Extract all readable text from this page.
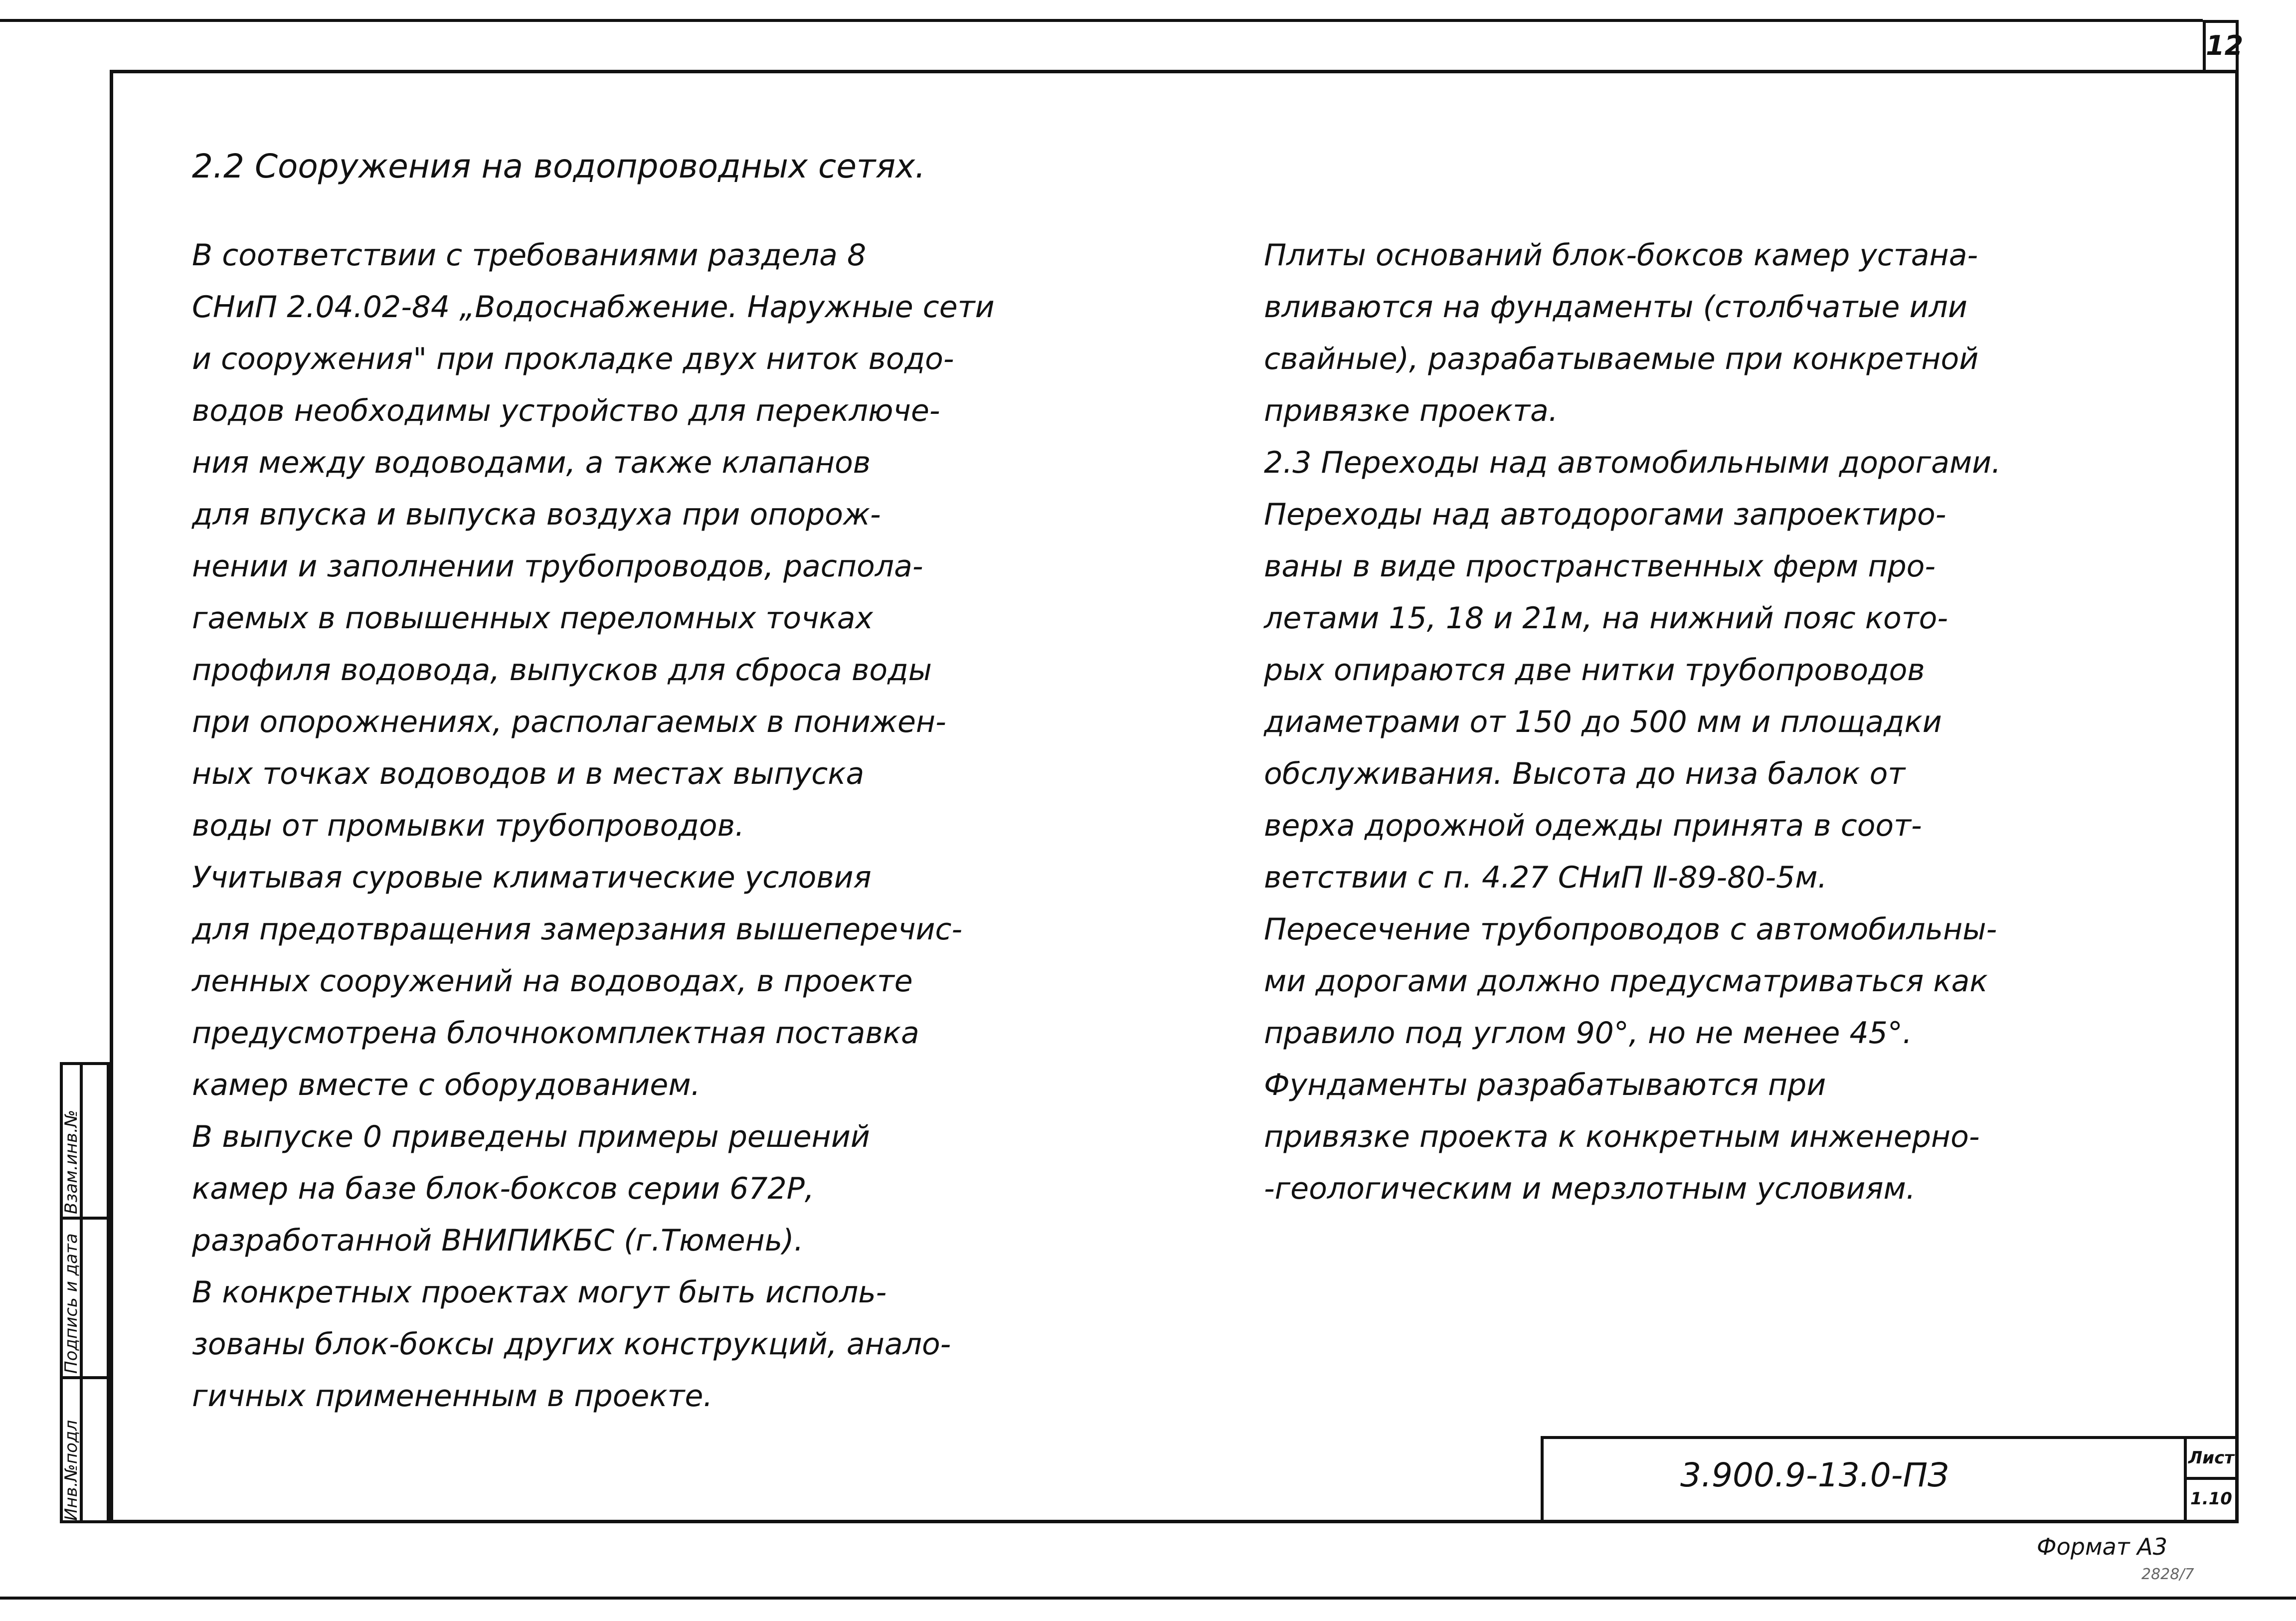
12
2.2 Сооружения на водопроводных сетях.

В соответствии с требованиями раздела 8

СНиП 2.04.02-84 „Водоснабжение. Наружные сети

и сооружения" при прокладке двух ниток водо-

водов необходимы устройство для переключе-

ния между водоводами, а также клапанов

для впуска и выпуска воздуха при опорож-

нении и заполнении трубопроводов, распола-

гаемых в повышенных переломных точках

профиля водовода, выпусков для сброса воды

при опорожнениях, располагаемых в понижен-

ных точках водоводов и в местах выпуска

воды от промывки трубопроводов.

Учитывая суровые климатические условия

для предотвращения замерзания вышеперечис-

ленных сооружений на водоводах, в проекте

предусмотрена блочнокомплектная поставка

камер вместе с оборудованием.

В выпуске 0 приведены примеры решений

камер на базе блок-боксов серии 672Р,

разработанной ВНИПИКБС (г.Тюмень).

В конкретных проектах могут быть исполь-

зованы блок-боксы других конструкций, анало-

гичных примененным в проекте.

Плиты оснований блок-боксов камер устана-

вливаются на фундаменты (столбчатые или

свайные), разрабатываемые при конкретной

привязке проекта.

2.3 Переходы над автомобильными дорогами.

Переходы над автодорогами запроектиро-

ваны в виде пространственных ферм про-

летами 15, 18 и 21м, на нижний пояс кото-

рых опираются две нитки трубопроводов

диаметрами от 150 до 500 мм и площадки

обслуживания. Высота до низа балок от

верха дорожной одежды принята в соот-

ветствии с п. 4.27 СНиП Ⅱ-89-80-5м.

Пересечение трубопроводов с автомобильны-

ми дорогами должно предусматриваться как

правило под углом 90°, но не менее 45°.

Фундаменты разрабатываются при

привязке проекта к конкретным инженерно-

-геологическим и мерзлотным условиям.

3.900.9-13.0-ПЗ	Лист
1.10
Инв.№подл
Подпись и дата
Взам.инв.№
Формат А3
2828/7
